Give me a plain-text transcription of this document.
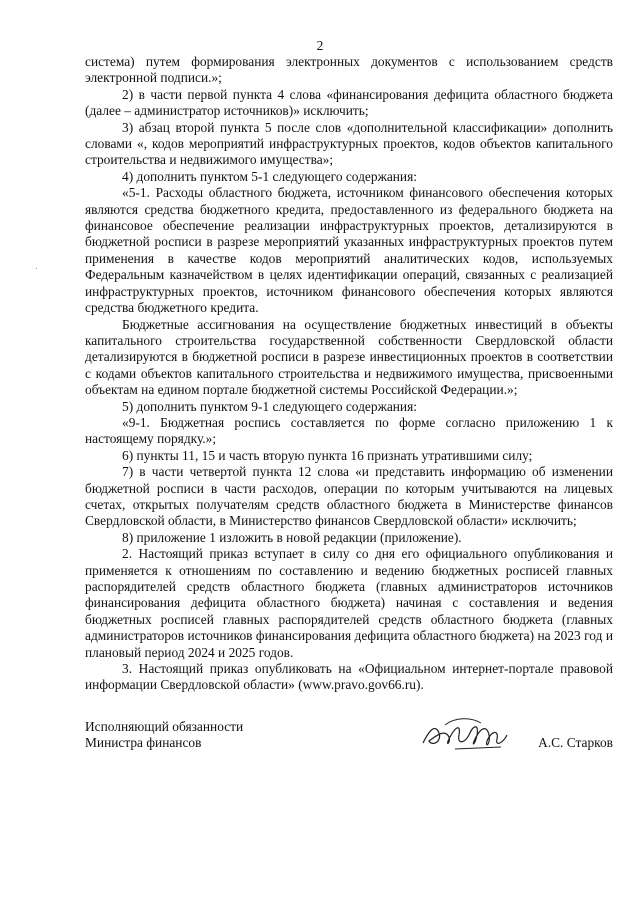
2

система) путем формирования электронных документов с использованием средств электронной подписи.»;

2) в части первой пункта 4 слова «финансирования дефицита областного бюджета (далее – администратор источников)» исключить;

3) абзац второй пункта 5 после слов «дополнительной классификации» дополнить словами «, кодов мероприятий инфраструктурных проектов, кодов объектов капитального строительства и недвижимого имущества»;

4) дополнить пунктом 5-1 следующего содержания:

«5-1. Расходы областного бюджета, источником финансового обеспечения которых являются средства бюджетного кредита, предоставленного из федерального бюджета на финансовое обеспечение реализации инфраструктурных проектов, детализируются в бюджетной росписи в разрезе мероприятий указанных инфраструктурных проектов путем применения в качестве кодов мероприятий аналитических кодов, используемых Федеральным казначейством в целях идентификации операций, связанных с реализацией инфраструктурных проектов, источником финансового обеспечения которых являются средства бюджетного кредита.

Бюджетные ассигнования на осуществление бюджетных инвестиций в объекты капитального строительства государственной собственности Свердловской области детализируются в бюджетной росписи в разрезе инвестиционных проектов в соответствии с кодами объектов капитального строительства и недвижимого имущества, присвоенными объектам на едином портале бюджетной системы Российской Федерации.»;

5) дополнить пунктом 9-1 следующего содержания:

«9-1. Бюджетная роспись составляется по форме согласно приложению 1 к настоящему порядку.»;

6) пункты 11, 15 и часть вторую пункта 16 признать утратившими силу;

7) в части четвертой пункта 12 слова «и представить информацию об изменении бюджетной росписи в части расходов, операции по которым учитываются на лицевых счетах, открытых получателям средств областного бюджета в Министерстве финансов Свердловской области, в Министерство финансов Свердловской области» исключить;

8) приложение 1 изложить в новой редакции (приложение).

2. Настоящий приказ вступает в силу со дня его официального опубликования и применяется к отношениям по составлению и ведению бюджетных росписей главных распорядителей средств областного бюджета (главных администраторов источников финансирования дефицита областного бюджета) начиная с составления и ведения бюджетных росписей главных распорядителей средств областного бюджета (главных администраторов источников финансирования дефицита областного бюджета) на 2023 год и плановый период 2024 и 2025 годов.

3. Настоящий приказ опубликовать на «Официальном интернет-портале правовой информации Свердловской области» (www.pravo.gov66.ru).

Исполняющий обязанности
Министра финансов	А.С. Старков
